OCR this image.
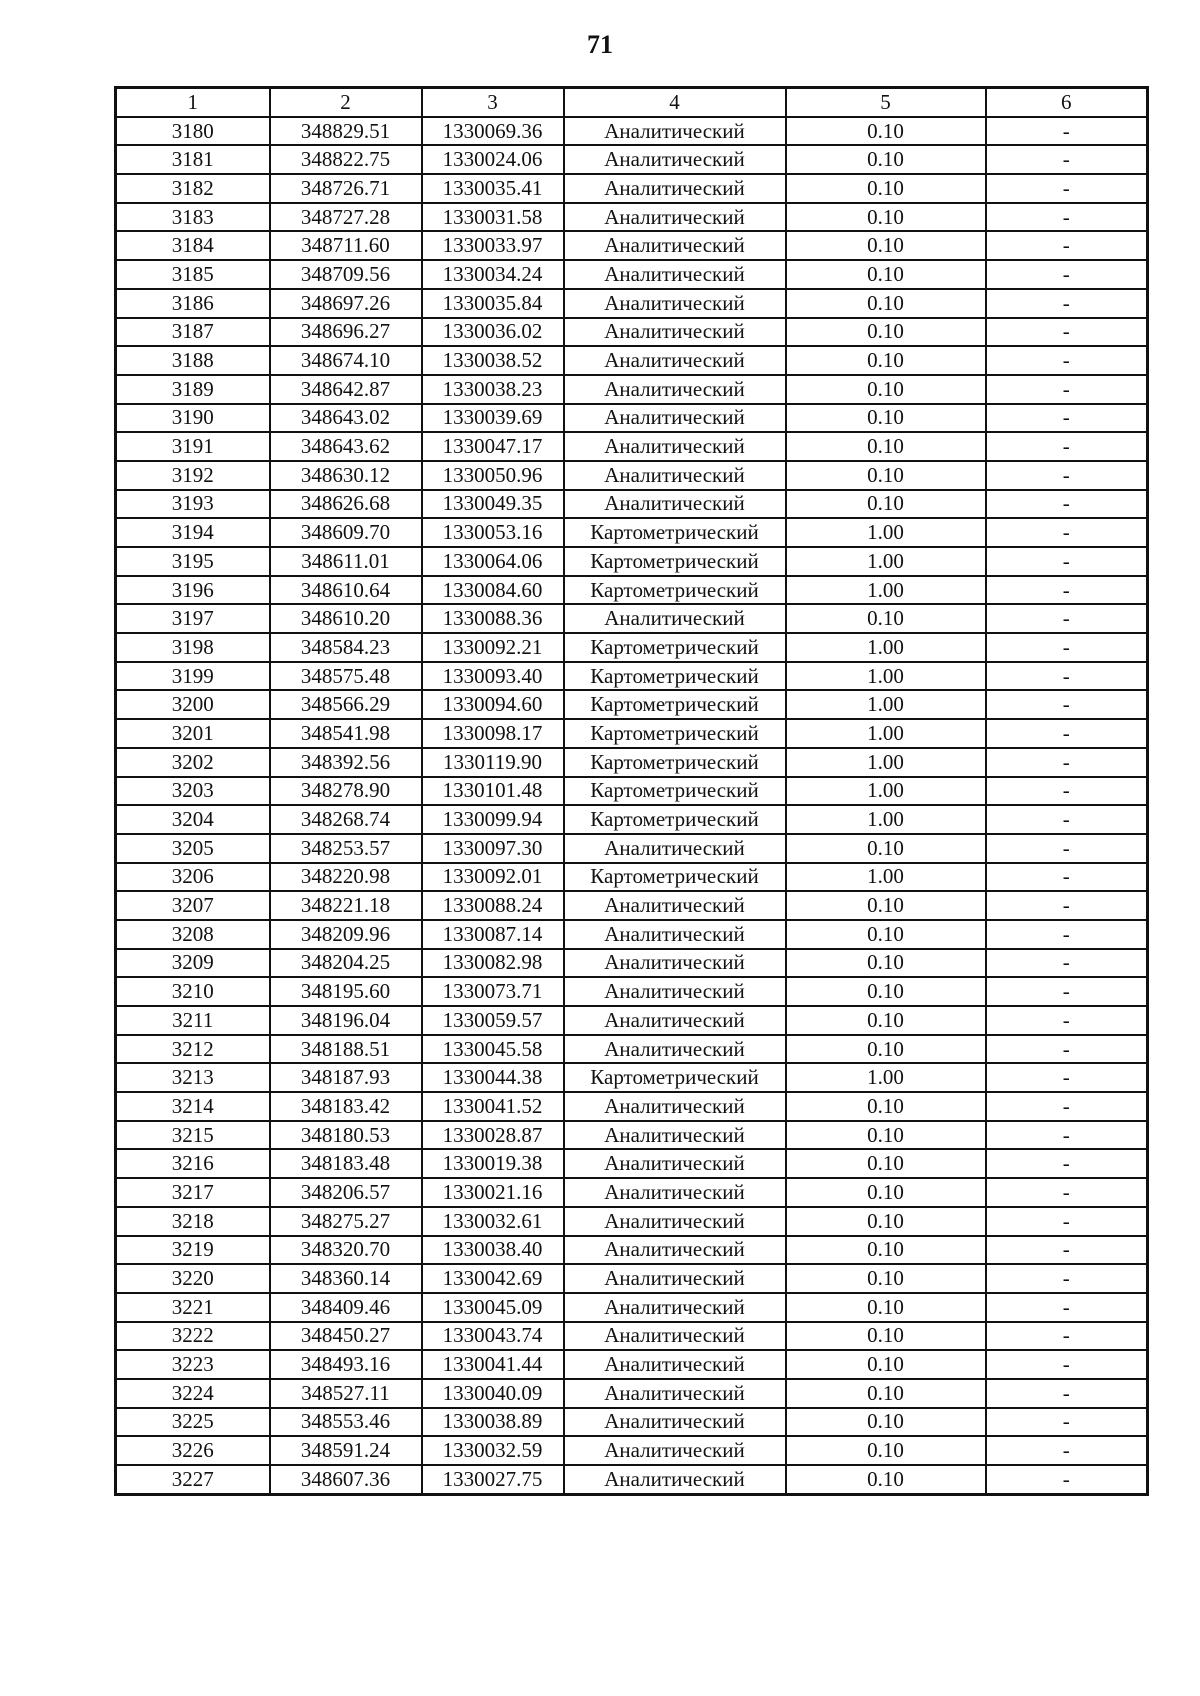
71
1	2	3	4	5	6
3180	348829.51	1330069.36	Аналитический	0.10	-
3181	348822.75	1330024.06	Аналитический	0.10	-
3182	348726.71	1330035.41	Аналитический	0.10	-
3183	348727.28	1330031.58	Аналитический	0.10	-
3184	348711.60	1330033.97	Аналитический	0.10	-
3185	348709.56	1330034.24	Аналитический	0.10	-
3186	348697.26	1330035.84	Аналитический	0.10	-
3187	348696.27	1330036.02	Аналитический	0.10	-
3188	348674.10	1330038.52	Аналитический	0.10	-
3189	348642.87	1330038.23	Аналитический	0.10	-
3190	348643.02	1330039.69	Аналитический	0.10	-
3191	348643.62	1330047.17	Аналитический	0.10	-
3192	348630.12	1330050.96	Аналитический	0.10	-
3193	348626.68	1330049.35	Аналитический	0.10	-
3194	348609.70	1330053.16	Картометрический	1.00	-
3195	348611.01	1330064.06	Картометрический	1.00	-
3196	348610.64	1330084.60	Картометрический	1.00	-
3197	348610.20	1330088.36	Аналитический	0.10	-
3198	348584.23	1330092.21	Картометрический	1.00	-
3199	348575.48	1330093.40	Картометрический	1.00	-
3200	348566.29	1330094.60	Картометрический	1.00	-
3201	348541.98	1330098.17	Картометрический	1.00	-
3202	348392.56	1330119.90	Картометрический	1.00	-
3203	348278.90	1330101.48	Картометрический	1.00	-
3204	348268.74	1330099.94	Картометрический	1.00	-
3205	348253.57	1330097.30	Аналитический	0.10	-
3206	348220.98	1330092.01	Картометрический	1.00	-
3207	348221.18	1330088.24	Аналитический	0.10	-
3208	348209.96	1330087.14	Аналитический	0.10	-
3209	348204.25	1330082.98	Аналитический	0.10	-
3210	348195.60	1330073.71	Аналитический	0.10	-
3211	348196.04	1330059.57	Аналитический	0.10	-
3212	348188.51	1330045.58	Аналитический	0.10	-
3213	348187.93	1330044.38	Картометрический	1.00	-
3214	348183.42	1330041.52	Аналитический	0.10	-
3215	348180.53	1330028.87	Аналитический	0.10	-
3216	348183.48	1330019.38	Аналитический	0.10	-
3217	348206.57	1330021.16	Аналитический	0.10	-
3218	348275.27	1330032.61	Аналитический	0.10	-
3219	348320.70	1330038.40	Аналитический	0.10	-
3220	348360.14	1330042.69	Аналитический	0.10	-
3221	348409.46	1330045.09	Аналитический	0.10	-
3222	348450.27	1330043.74	Аналитический	0.10	-
3223	348493.16	1330041.44	Аналитический	0.10	-
3224	348527.11	1330040.09	Аналитический	0.10	-
3225	348553.46	1330038.89	Аналитический	0.10	-
3226	348591.24	1330032.59	Аналитический	0.10	-
3227	348607.36	1330027.75	Аналитический	0.10	-
